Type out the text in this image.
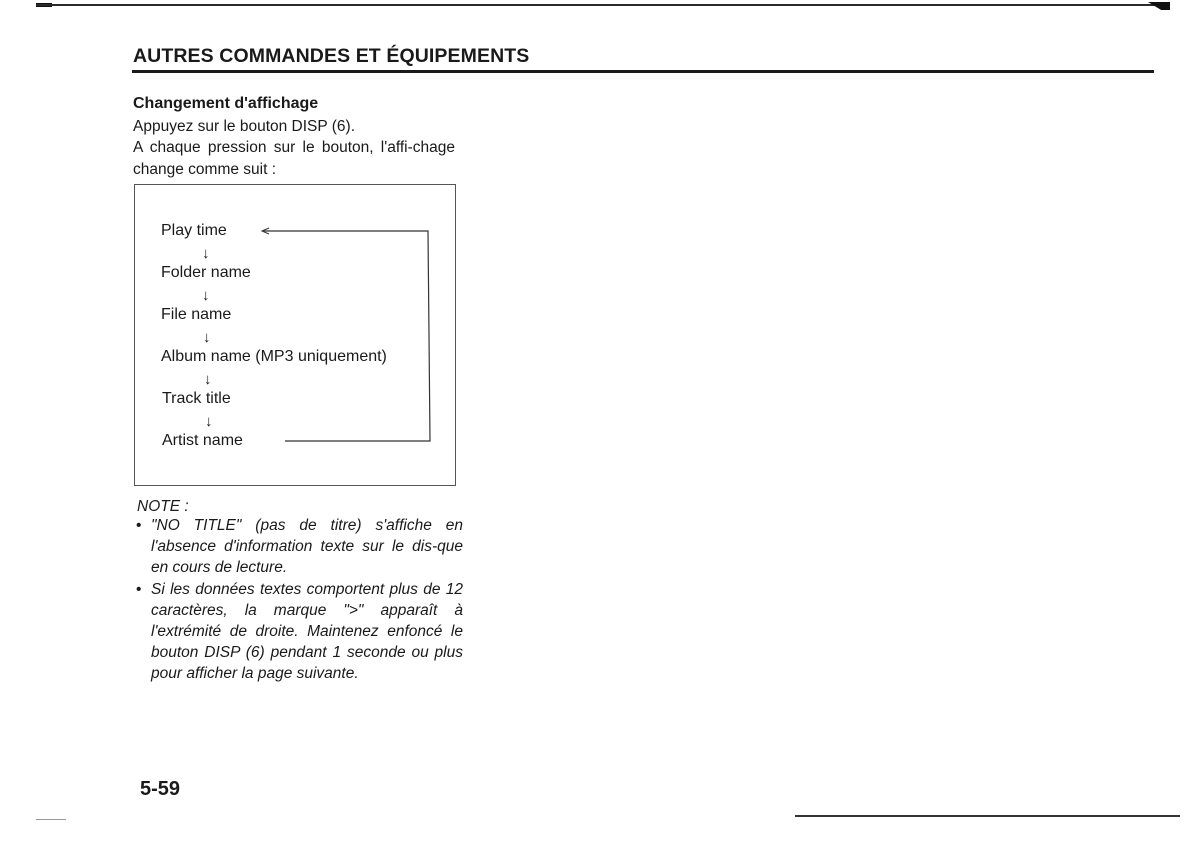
AUTRES COMMANDES ET ÉQUIPEMENTS
Changement d'affichage

Appuyez sur le bouton DISP (6).

A chaque pression sur le bouton, l'affi-chage change comme suit :

Play time

↓

Folder name

↓

File name

↓

Album name (MP3 uniquement)

↓

Track title

↓

Artist name

NOTE :

• "NO TITLE" (pas de titre) s'affiche en l'absence d'information texte sur le dis-que en cours de lecture.
• Si les données textes comportent plus de 12 caractères, la marque ">" apparaît à l'extrémité de droite. Maintenez enfoncé le bouton DISP (6) pendant 1 seconde ou plus pour afficher la page suivante.

5-59
